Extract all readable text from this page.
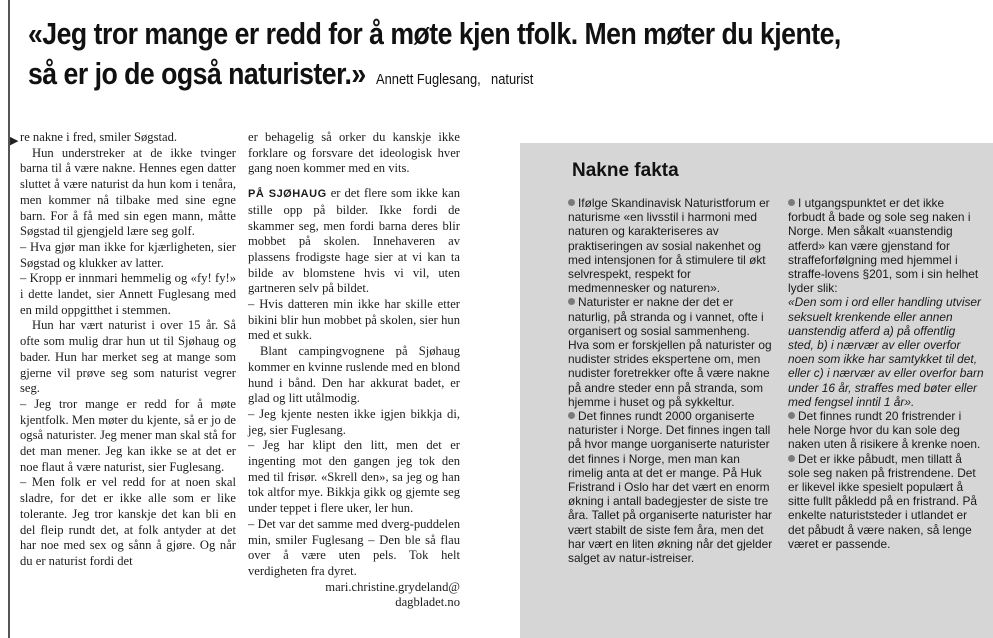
«Jeg tror mange er redd for å møte kjen tfolk. Men møter du kjente,
så er jo de også naturister.» Annett Fuglesang, naturist
▶ re nakne i fred, smiler Søgstad.

Hun understreker at de ikke tvinger barna til å være nakne. Hennes egen datter sluttet å være naturist da hun kom i tenåra, men kommer nå tilbake med sine egne barn. For å få med sin egen mann, måtte Søgstad til gjengjeld lære seg golf.

– Hva gjør man ikke for kjærligheten, sier Søgstad og klukker av latter.

– Kropp er innmari hemmelig og «fy! fy!» i dette landet, sier Annett Fuglesang med en mild oppgitthet i stemmen.

Hun har vært naturist i over 15 år. Så ofte som mulig drar hun ut til Sjøhaug og bader. Hun har merket seg at mange som gjerne vil prøve seg som naturist vegrer seg.

– Jeg tror mange er redd for å møte kjentfolk. Men møter du kjente, så er jo de også naturister. Jeg mener man skal stå for det man mener. Jeg kan ikke se at det er noe flaut å være naturist, sier Fuglesang.

– Men folk er vel redd for at noen skal sladre, for det er ikke alle som er like tolerante. Jeg tror kanskje det kan bli en del fleip rundt det, at folk antyder at det har noe med sex og sånn å gjøre. Og når du er naturist fordi det

er behagelig så orker du kanskje ikke forklare og forsvare det ideologisk hver gang noen kommer med en vits.

PÅ SJØHAUG er det flere som ikke kan stille opp på bilder. Ikke fordi de skammer seg, men fordi barna deres blir mobbet på skolen. Innehaveren av plassens frodigste hage sier at vi kan ta bilde av blomstene hvis vi vil, uten gartneren selv på bildet.

– Hvis datteren min ikke har skille etter bikini blir hun mobbet på skolen, sier hun med et sukk.

Blant campingvognene på Sjøhaug kommer en kvinne ruslende med en blond hund i bånd. Den har akkurat badet, er glad og litt utålmodig.

– Jeg kjente nesten ikke igjen bikkja di, jeg, sier Fuglesang.

– Jeg har klipt den litt, men det er ingenting mot den gangen jeg tok den med til frisør. «Skrell den», sa jeg og han tok altfor mye. Bikkja gikk og gjemte seg under teppet i flere uker, ler hun.

– Det var det samme med dverg-puddelen min, smiler Fuglesang – Den ble så flau over å være uten pels. Tok helt verdigheten fra dyret.

mari.christine.grydeland@

dagbladet.no

Nakne fakta

Ifølge Skandinavisk Naturistforum er naturisme «en livsstil i harmoni med naturen og karakteriseres av praktiseringen av sosial nakenhet og med intensjonen for å stimulere til økt selvrespekt, respekt for medmennesker og naturen».

Naturister er nakne der det er naturlig, på stranda og i vannet, ofte i organisert og sosial sammenheng. Hva som er forskjellen på naturister og nudister strides ekspertene om, men nudister foretrekker ofte å være nakne på andre steder enn på stranda, som hjemme i huset og på sykkeltur.

Det finnes rundt 2000 organiserte naturister i Norge. Det finnes ingen tall på hvor mange uorganiserte naturister det finnes i Norge, men man kan rimelig anta at det er mange. På Huk Fristrand i Oslo har det vært en enorm økning i antall badegjester de siste tre åra. Tallet på organiserte naturister har vært stabilt de siste fem åra, men det har vært en liten økning når det gjelder salget av natur-istreiser.

I utgangspunktet er det ikke forbudt å bade og sole seg naken i Norge. Men såkalt «uanstendig atferd» kan være gjenstand for straffeforfølgning med hjemmel i straffe-lovens §201, som i sin helhet lyder slik:

«Den som i ord eller handling utviser seksuelt krenkende eller annen uanstendig atferd a) på offentlig sted, b) i nærvær av eller overfor noen som ikke har samtykket til det, eller c) i nærvær av eller overfor barn under 16 år, straffes med bøter eller med fengsel inntil 1 år».

Det finnes rundt 20 fristrender i hele Norge hvor du kan sole deg naken uten å risikere å krenke noen.

Det er ikke påbudt, men tillatt å sole seg naken på fristrendene. Det er likevel ikke spesielt populært å sitte fullt påkledd på en fristrand. På enkelte naturiststeder i utlandet er det påbudt å være naken, så lenge været er passende.
